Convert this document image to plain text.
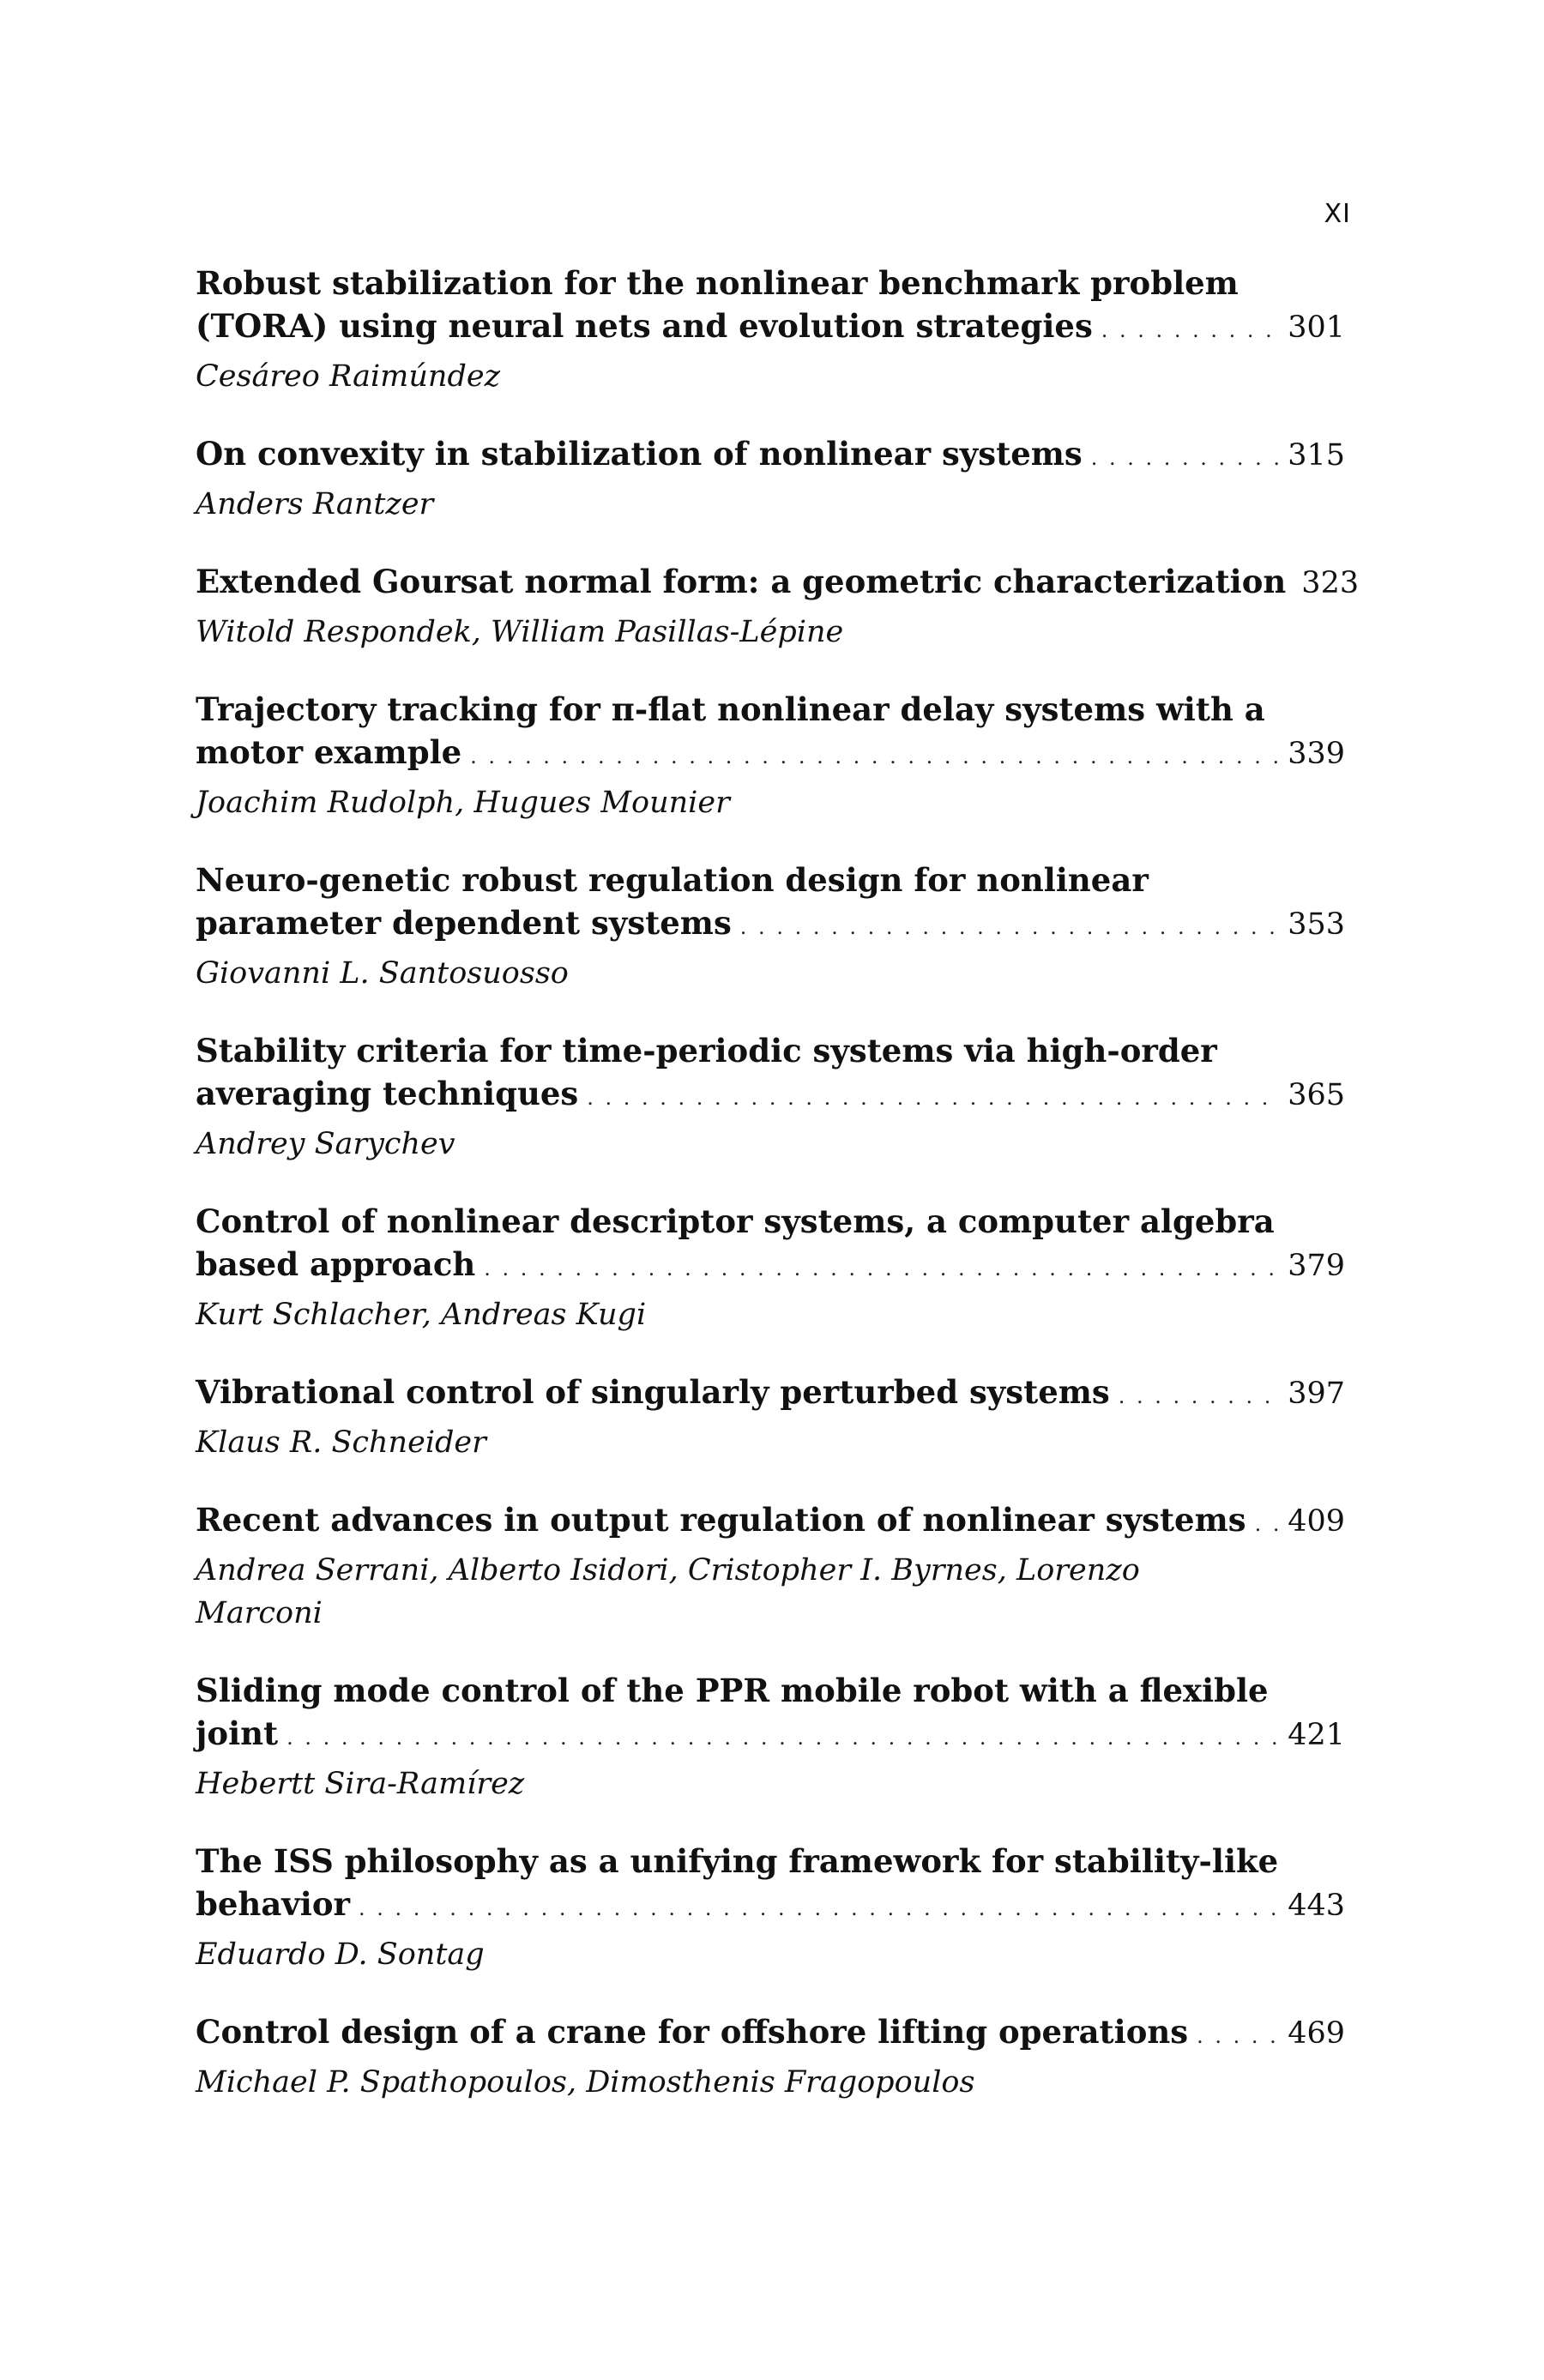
XI
Robust stabilization for the nonlinear benchmark problem
(TORA) using neural nets and evolution strategies . . .	301
Cesáreo Raimúndez
On convexity in stabilization of nonlinear systems . . .	315
Anders Rantzer
Extended Goursat normal form: a geometric characterization 323
Witold Respondek, William Pasillas-Lépine
Trajectory tracking for π-flat nonlinear delay systems with a
motor example . . .	339
Joachim Rudolph, Hugues Mounier
Neuro-genetic robust regulation design for nonlinear
parameter dependent systems . . .	353
Giovanni L. Santosuosso
Stability criteria for time-periodic systems via high-order
averaging techniques . . .	365
Andrey Sarychev
Control of nonlinear descriptor systems, a computer algebra
based approach . . .	379
Kurt Schlacher, Andreas Kugi
Vibrational control of singularly perturbed systems . . .	397
Klaus R. Schneider
Recent advances in output regulation of nonlinear systems . . . 409
Andrea Serrani, Alberto Isidori, Cristopher I. Byrnes, Lorenzo
Marconi
Sliding mode control of the PPR mobile robot with a flexible
joint . . .	421
Hebertt Sira-Ramírez
The ISS philosophy as a unifying framework for stability-like
behavior . . .	443
Eduardo D. Sontag
Control design of a crane for offshore lifting operations . . .	469
Michael P. Spathopoulos, Dimosthenis Fragopoulos
